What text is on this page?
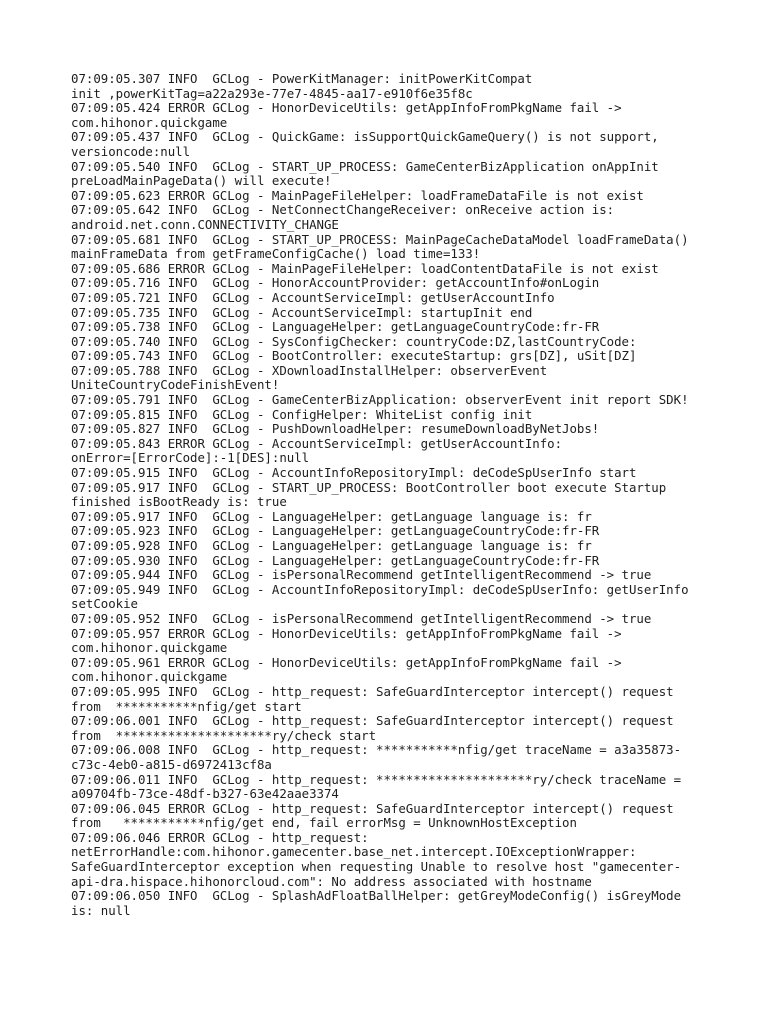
07:09:05.307 INFO  GCLog - PowerKitManager: initPowerKitCompat
init ,powerKitTag=a22a293e-77e7-4845-aa17-e910f6e35f8c
07:09:05.424 ERROR GCLog - HonorDeviceUtils: getAppInfoFromPkgName fail ->
com.hihonor.quickgame
07:09:05.437 INFO  GCLog - QuickGame: isSupportQuickGameQuery() is not support,
versioncode:null
07:09:05.540 INFO  GCLog - START_UP_PROCESS: GameCenterBizApplication onAppInit
preLoadMainPageData() will execute!
07:09:05.623 ERROR GCLog - MainPageFileHelper: loadFrameDataFile is not exist
07:09:05.642 INFO  GCLog - NetConnectChangeReceiver: onReceive action is:
android.net.conn.CONNECTIVITY_CHANGE
07:09:05.681 INFO  GCLog - START_UP_PROCESS: MainPageCacheDataModel loadFrameData()
mainFrameData from getFrameConfigCache() load time=133!
07:09:05.686 ERROR GCLog - MainPageFileHelper: loadContentDataFile is not exist
07:09:05.716 INFO  GCLog - HonorAccountProvider: getAccountInfo#onLogin
07:09:05.721 INFO  GCLog - AccountServiceImpl: getUserAccountInfo
07:09:05.735 INFO  GCLog - AccountServiceImpl: startupInit end
07:09:05.738 INFO  GCLog - LanguageHelper: getLanguageCountryCode:fr-FR
07:09:05.740 INFO  GCLog - SysConfigChecker: countryCode:DZ,lastCountryCode:
07:09:05.743 INFO  GCLog - BootController: executeStartup: grs[DZ], uSit[DZ]
07:09:05.788 INFO  GCLog - XDownloadInstallHelper: observerEvent
UniteCountryCodeFinishEvent!
07:09:05.791 INFO  GCLog - GameCenterBizApplication: observerEvent init report SDK!
07:09:05.815 INFO  GCLog - ConfigHelper: WhiteList config init
07:09:05.827 INFO  GCLog - PushDownloadHelper: resumeDownloadByNetJobs!
07:09:05.843 ERROR GCLog - AccountServiceImpl: getUserAccountInfo:
onError=[ErrorCode]:-1[DES]:null
07:09:05.915 INFO  GCLog - AccountInfoRepositoryImpl: deCodeSpUserInfo start
07:09:05.917 INFO  GCLog - START_UP_PROCESS: BootController boot execute Startup
finished isBootReady is: true
07:09:05.917 INFO  GCLog - LanguageHelper: getLanguage language is: fr
07:09:05.923 INFO  GCLog - LanguageHelper: getLanguageCountryCode:fr-FR
07:09:05.928 INFO  GCLog - LanguageHelper: getLanguage language is: fr
07:09:05.930 INFO  GCLog - LanguageHelper: getLanguageCountryCode:fr-FR
07:09:05.944 INFO  GCLog - isPersonalRecommend getIntelligentRecommend -> true
07:09:05.949 INFO  GCLog - AccountInfoRepositoryImpl: deCodeSpUserInfo: getUserInfo
setCookie
07:09:05.952 INFO  GCLog - isPersonalRecommend getIntelligentRecommend -> true
07:09:05.957 ERROR GCLog - HonorDeviceUtils: getAppInfoFromPkgName fail ->
com.hihonor.quickgame
07:09:05.961 ERROR GCLog - HonorDeviceUtils: getAppInfoFromPkgName fail ->
com.hihonor.quickgame
07:09:05.995 INFO  GCLog - http_request: SafeGuardInterceptor intercept() request
from  ***********nfig/get start
07:09:06.001 INFO  GCLog - http_request: SafeGuardInterceptor intercept() request
from  *********************ry/check start
07:09:06.008 INFO  GCLog - http_request: ***********nfig/get traceName = a3a35873-
c73c-4eb0-a815-d6972413cf8a
07:09:06.011 INFO  GCLog - http_request: *********************ry/check traceName =
a09704fb-73ce-48df-b327-63e42aae3374
07:09:06.045 ERROR GCLog - http_request: SafeGuardInterceptor intercept() request
from   ***********nfig/get end, fail errorMsg = UnknownHostException
07:09:06.046 ERROR GCLog - http_request:
netErrorHandle:com.hihonor.gamecenter.base_net.intercept.IOExceptionWrapper:
SafeGuardInterceptor exception when requesting Unable to resolve host "gamecenter-
api-dra.hispace.hihonorcloud.com": No address associated with hostname
07:09:06.050 INFO  GCLog - SplashAdFloatBallHelper: getGreyModeConfig() isGreyMode
is: null
